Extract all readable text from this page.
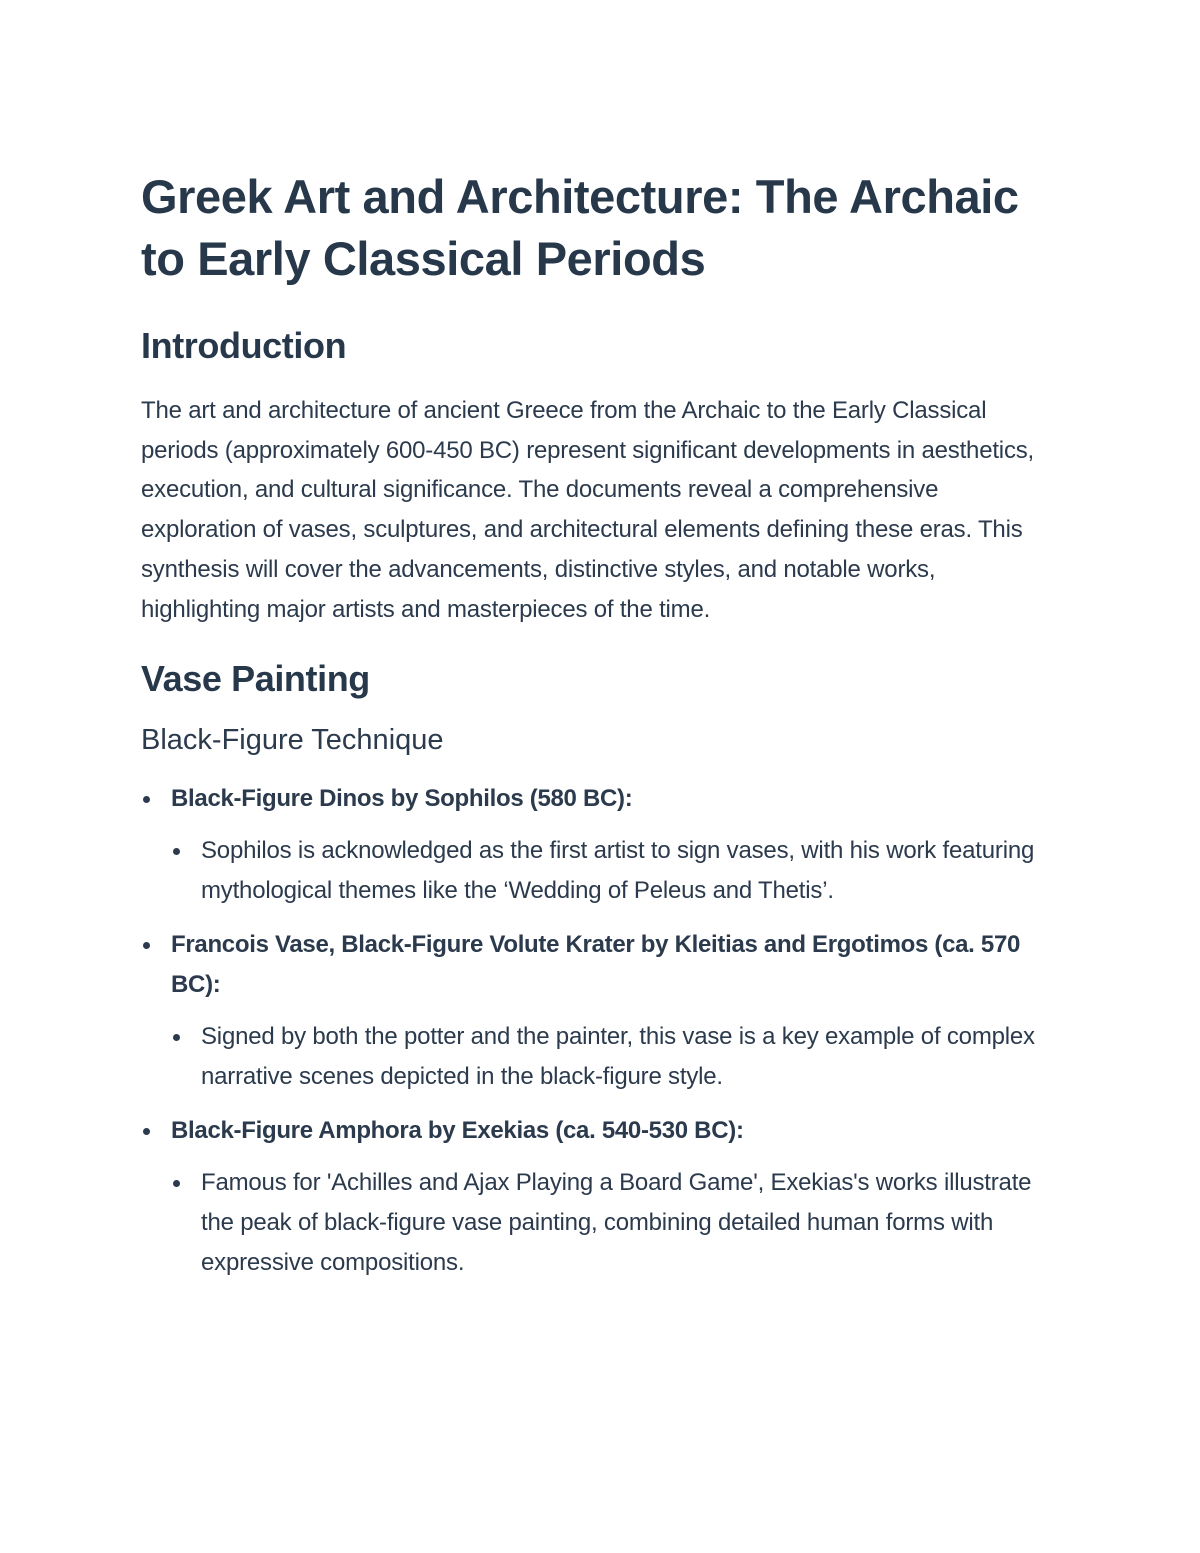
Greek Art and Architecture: The Archaic to Early Classical Periods
Introduction

The art and architecture of ancient Greece from the Archaic to the Early Classical periods (approximately 600-450 BC) represent significant developments in aesthetics, execution, and cultural significance. The documents reveal a comprehensive exploration of vases, sculptures, and architectural elements defining these eras. This synthesis will cover the advancements, distinctive styles, and notable works, highlighting major artists and masterpieces of the time.

Vase Painting
Black-Figure Technique
Black-Figure Dinos by Sophilos (580 BC):
Sophilos is acknowledged as the first artist to sign vases, with his work featuring mythological themes like the ‘Wedding of Peleus and Thetis’.
Francois Vase, Black-Figure Volute Krater by Kleitias and Ergotimos (ca. 570 BC):
Signed by both the potter and the painter, this vase is a key example of complex narrative scenes depicted in the black-figure style.
Black-Figure Amphora by Exekias (ca. 540-530 BC):
Famous for 'Achilles and Ajax Playing a Board Game', Exekias's works illustrate the peak of black-figure vase painting, combining detailed human forms with expressive compositions.
